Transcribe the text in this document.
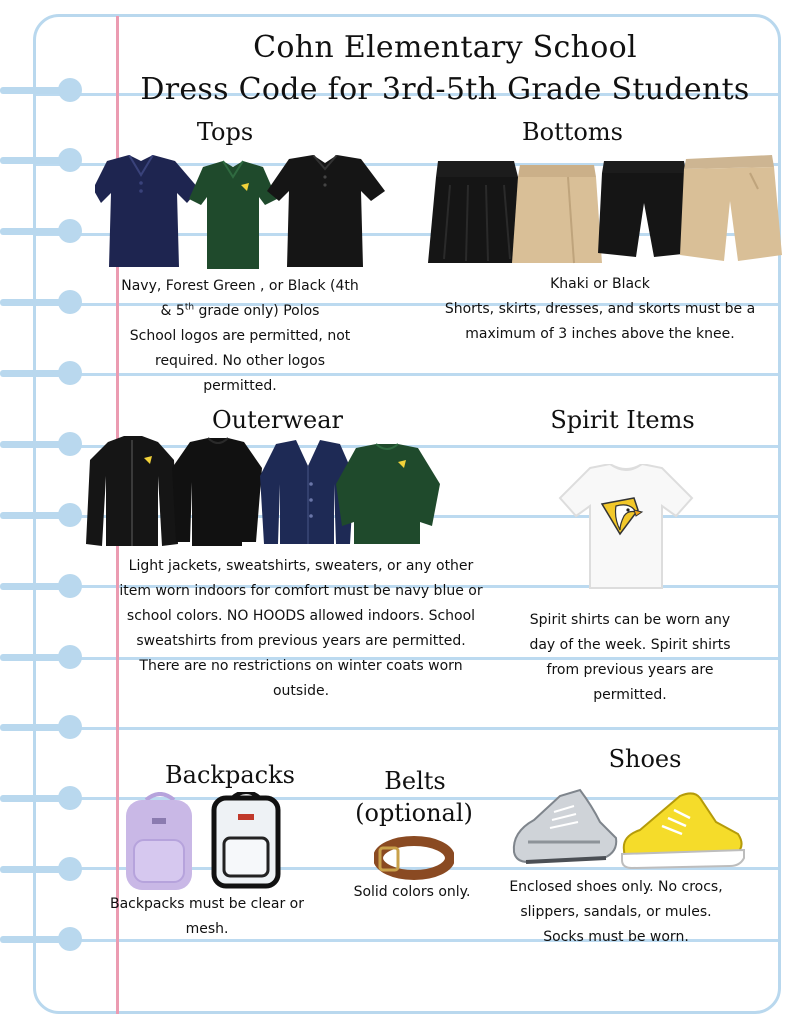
Cohn Elementary School
Dress Code for 3rd-5th Grade Students
Tops
Navy, Forest Green , or Black (4th & 5th grade only) Polos
School logos are permitted, not required. No other logos permitted.
Bottoms
Khaki or Black
Shorts, skirts, dresses, and skorts must be a maximum of 3 inches above the knee.
Outerwear
Light jackets, sweatshirts, sweaters, or any other item worn indoors for comfort must be navy blue or school colors. NO HOODS allowed indoors. School sweatshirts from previous years are permitted. There are no restrictions on winter coats worn outside.
Spirit Items
Spirit shirts can be worn any day of the week. Spirit shirts from previous years are permitted.
Backpacks
Backpacks must be clear or mesh.
Belts
(optional)
Solid colors only.
Shoes
Enclosed shoes only. No crocs, slippers, sandals, or mules. Socks must be worn.
